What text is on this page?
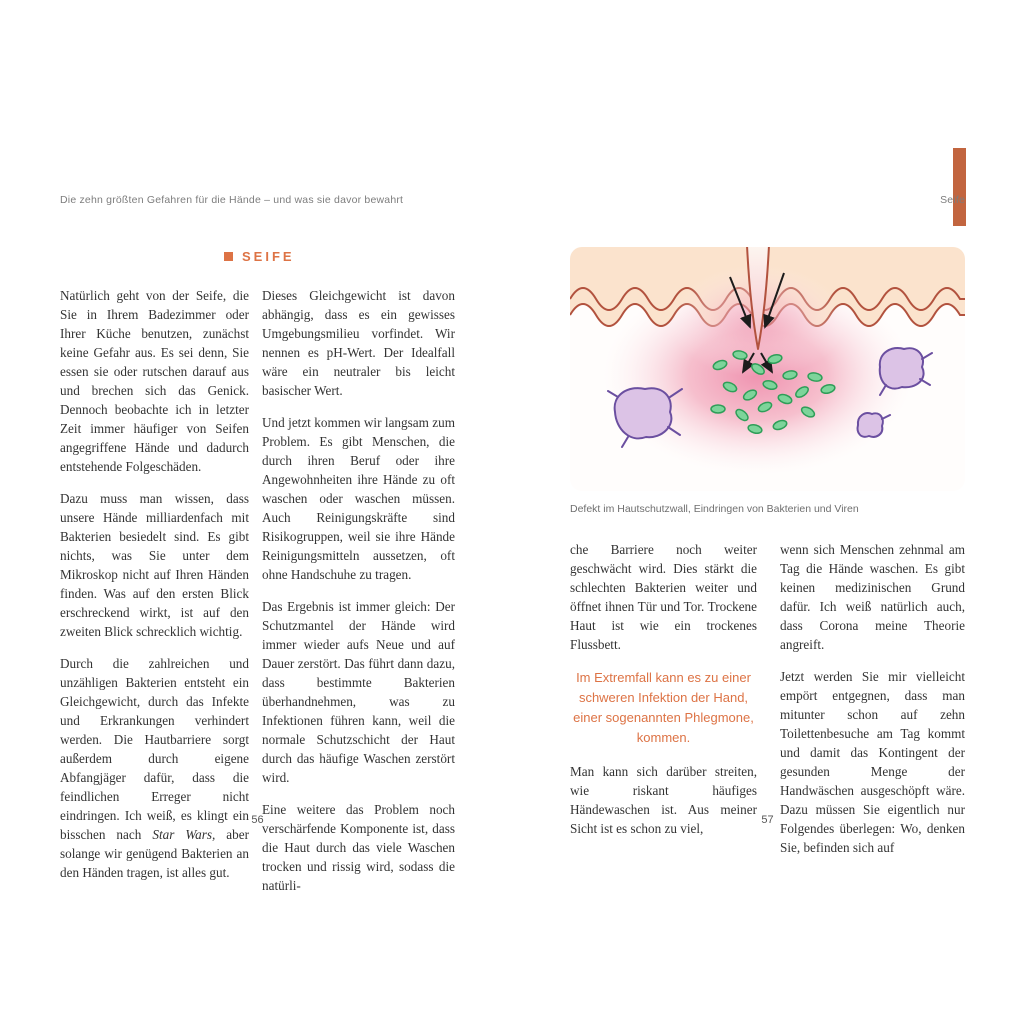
Die zehn größten Gefahren für die Hände – und was sie davor bewahrt	Seife
SEIFE

Natürlich geht von der Seife, die Sie in Ihrem Badezimmer oder Ihrer Küche benutzen, zunächst keine Gefahr aus. Es sei denn, Sie essen sie oder rutschen darauf aus und brechen sich das Genick. Dennoch beobachte ich in letzter Zeit immer häufiger von Seifen angegriffene Hände und dadurch entstehende Folgeschäden.

Dazu muss man wissen, dass unsere Hände milliardenfach mit Bakterien besiedelt sind. Es gibt nichts, was Sie unter dem Mikroskop nicht auf Ihren Händen finden. Was auf den ersten Blick erschreckend wirkt, ist auf den zweiten Blick schrecklich wichtig.

Durch die zahlreichen und unzähligen Bakterien entsteht ein Gleichgewicht, durch das Infekte und Erkrankungen verhindert werden. Die Hautbarriere sorgt außerdem durch eigene Abfangjäger dafür, dass die feindlichen Erreger nicht eindringen. Ich weiß, es klingt ein bisschen nach Star Wars, aber solange wir genügend Bakterien an den Händen tragen, ist alles gut.

Dieses Gleichgewicht ist davon abhängig, dass es ein gewisses Umgebungsmilieu vorfindet. Wir nennen es pH-Wert. Der Idealfall wäre ein neutraler bis leicht basischer Wert.

Und jetzt kommen wir langsam zum Problem. Es gibt Menschen, die durch ihren Beruf oder ihre Angewohnheiten ihre Hände zu oft waschen oder waschen müssen. Auch Reinigungskräfte sind Risikogruppen, weil sie ihre Hände Reinigungsmitteln aussetzen, oft ohne Handschuhe zu tragen.

Das Ergebnis ist immer gleich: Der Schutzmantel der Hände wird immer wieder aufs Neue und auf Dauer zerstört. Das führt dann dazu, dass bestimmte Bakterien überhandnehmen, was zu Infektionen führen kann, weil die normale Schutzschicht der Haut durch das häufige Waschen zerstört wird.

Eine weitere das Problem noch verschärfende Komponente ist, dass die Haut durch das viele Waschen trocken und rissig wird, sodass die natürli-

Defekt im Hautschutzwall, Eindringen von Bakterien und Viren

che Barriere noch weiter geschwächt wird. Dies stärkt die schlechten Bakterien weiter und öffnet ihnen Tür und Tor. Trockene Haut ist wie ein trockenes Flussbett.

Im Extremfall kann es zu einer schweren Infektion der Hand, einer sogenannten Phlegmone, kommen.

Man kann sich darüber streiten, wie riskant häufiges Händewaschen ist. Aus meiner Sicht ist es schon zu viel,

wenn sich Menschen zehnmal am Tag die Hände waschen. Es gibt keinen medizinischen Grund dafür. Ich weiß natürlich auch, dass Corona meine Theorie angreift.

Jetzt werden Sie mir vielleicht empört entgegnen, dass man mitunter schon auf zehn Toilettenbesuche am Tag kommt und damit das Kontingent der gesunden Menge der Handwäschen ausgeschöpft wäre. Dazu müssen Sie eigentlich nur Folgendes überlegen: Wo, denken Sie, befinden sich auf

56	57
